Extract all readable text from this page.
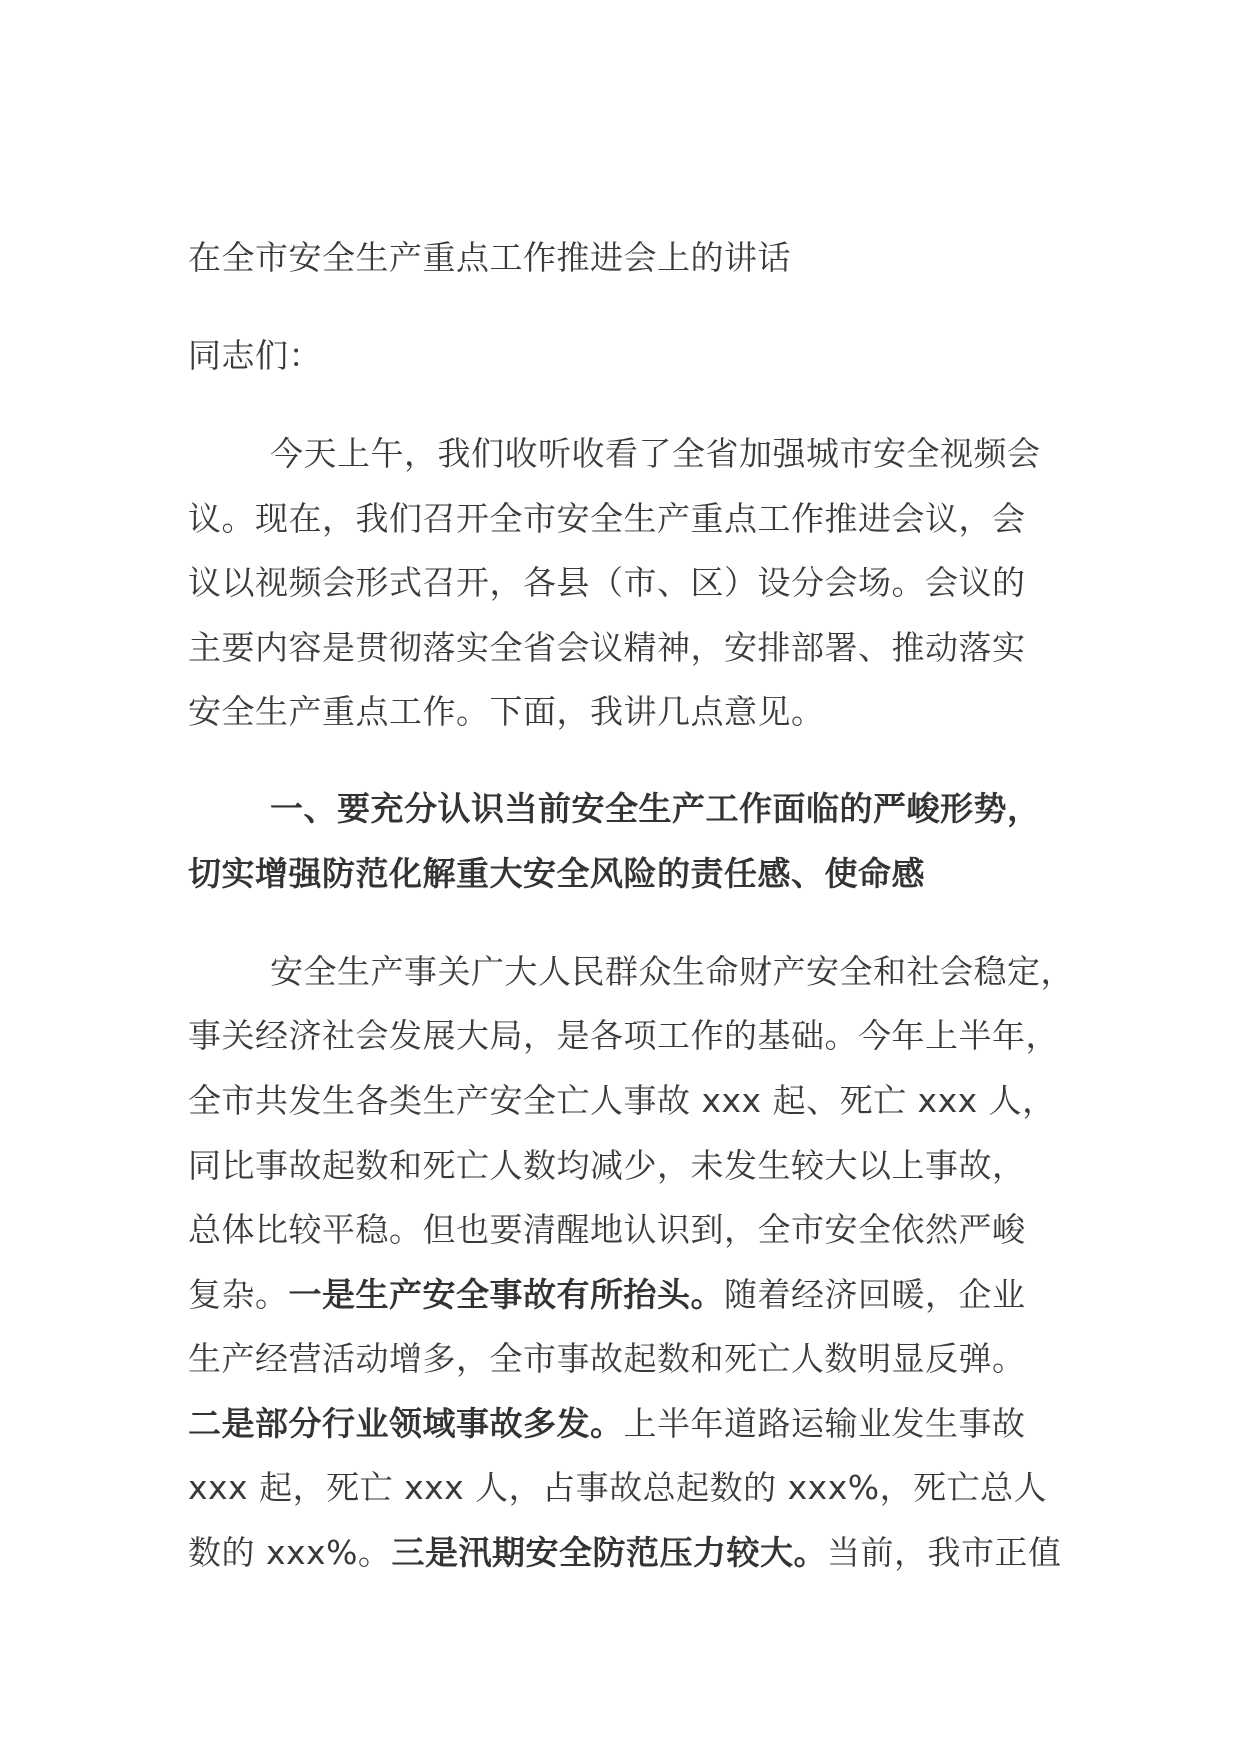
在全市安全生产重点工作推进会上的讲话
同志们：
今天上午，我们收听收看了全省加强城市安全视频会
议。现在，我们召开全市安全生产重点工作推进会议，会
议以视频会形式召开，各县（市、区）设分会场。会议的
主要内容是贯彻落实全省会议精神，安排部署、推动落实
安全生产重点工作。下面，我讲几点意见。
一、要充分认识当前安全生产工作面临的严峻形势，
切实增强防范化解重大安全风险的责任感、使命感
安全生产事关广大人民群众生命财产安全和社会稳定，
事关经济社会发展大局，是各项工作的基础。今年上半年，
全市共发生各类生产安全亡人事故 xxx 起、死亡 xxx 人，
同比事故起数和死亡人数均减少，未发生较大以上事故，
总体比较平稳。但也要清醒地认识到，全市安全依然严峻
复杂。一是生产安全事故有所抬头。随着经济回暖，企业
生产经营活动增多，全市事故起数和死亡人数明显反弹。
二是部分行业领域事故多发。上半年道路运输业发生事故
xxx 起，死亡 xxx 人，占事故总起数的 xxx%，死亡总人
数的 xxx%。三是汛期安全防范压力较大。当前，我市正值
